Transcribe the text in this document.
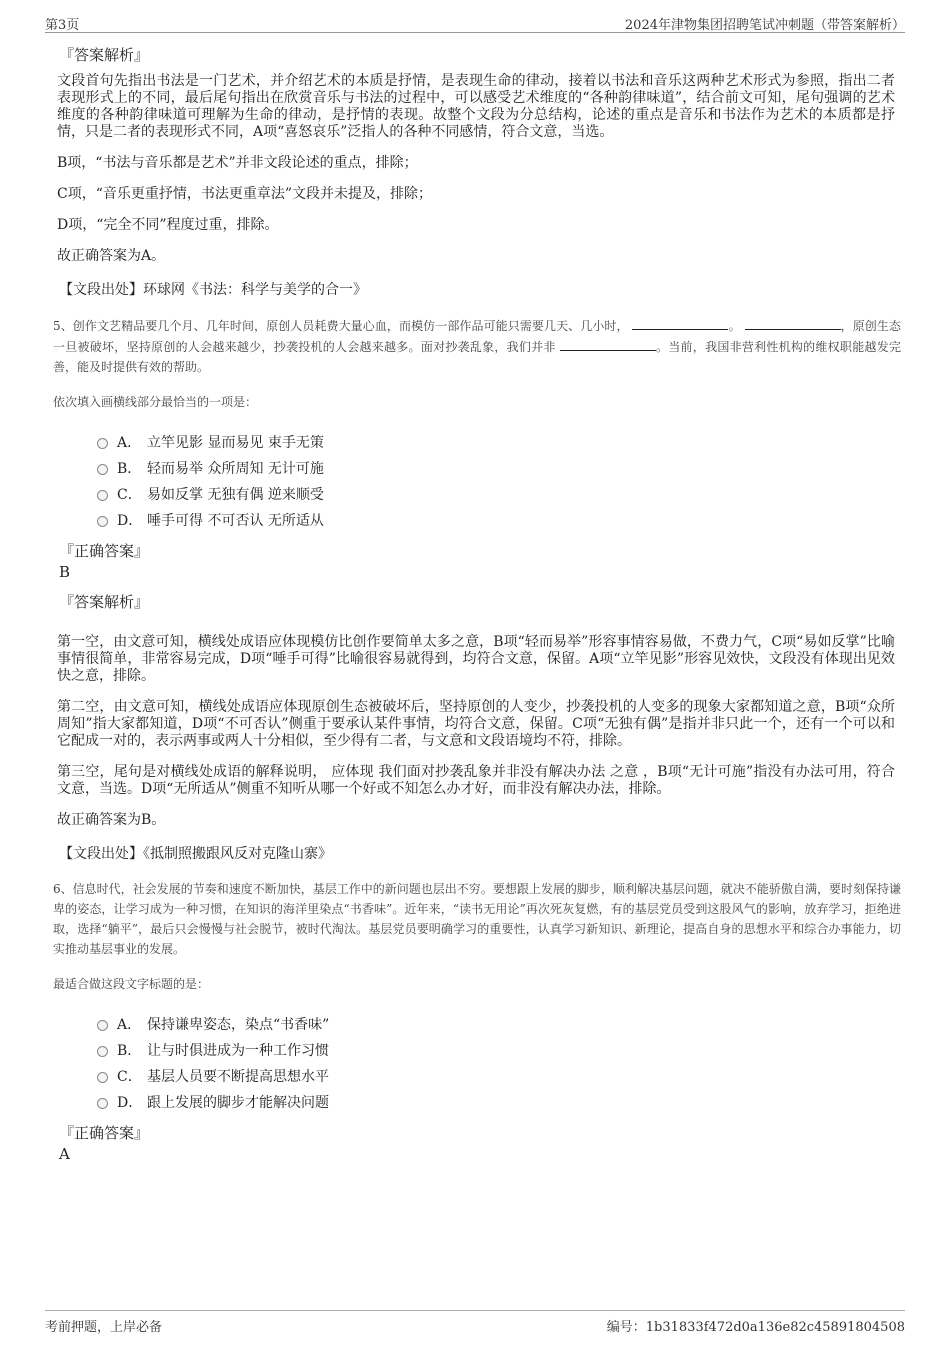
第3页	2024年津物集团招聘笔试冲刺题（带答案解析）
『答案解析』
文段首句先指出书法是一门艺术，并介绍艺术的本质是抒情，是表现生命的律动，接着以书法和音乐这两种艺术形式为参照，指出二者表现形式上的不同，最后尾句指出在欣赏音乐与书法的过程中，可以感受艺术维度的“各种韵律味道”，结合前文可知，尾句强调的艺术维度的各种韵律味道可理解为生命的律动，是抒情的表现。故整个文段为分总结构，论述的重点是音乐和书法作为艺术的本质都是抒情，只是二者的表现形式不同，A项“喜怒哀乐”泛指人的各种不同感情，符合文意，当选。
B项，“书法与音乐都是艺术”并非文段论述的重点，排除；
C项，“音乐更重抒情，书法更重章法”文段并未提及，排除；
D项，“完全不同”程度过重，排除。
故正确答案为A。
【文段出处】环球网《书法：科学与美学的合一》
5、创作文艺精品要几个月、几年时间，原创人员耗费大量心血，而模仿一部作品可能只需要几天、几小时，	。	，原创生态一旦被破坏，坚持原创的人会越来越少，抄袭投机的人会越来越多。面对抄袭乱象，我们并非	。当前，我国非营利性机构的维权职能越发完善，能及时提供有效的帮助。
依次填入画横线部分最恰当的一项是：
A． 立竿见影 显而易见 束手无策
B． 轻而易举 众所周知 无计可施
C． 易如反掌 无独有偶 逆来顺受
D． 唾手可得 不可否认 无所适从
『正确答案』
B
『答案解析』
第一空，由文意可知，横线处成语应体现模仿比创作要简单太多之意，B项“轻而易举”形容事情容易做，不费力气，C项“易如反掌”比喻事情很简单，非常容易完成，D项“唾手可得”比喻很容易就得到，均符合文意，保留。A项“立竿见影”形容见效快，文段没有体现出见效快之意，排除。
第二空，由文意可知，横线处成语应体现原创生态被破坏后，坚持原创的人变少，抄袭投机的人变多的现象大家都知道之意，B项“众所周知”指大家都知道，D项“不可否认”侧重于要承认某件事情，均符合文意，保留。C项“无独有偶”是指并非只此一个，还有一个可以和它配成一对的，表示两事或两人十分相似，至少得有二者，与文意和文段语境均不符，排除。
第三空，尾句是对横线处成语的解释说明， 应体现 我们面对抄袭乱象并非没有解决办法 之意 ，B项“无计可施”指没有办法可用，符合文意，当选。D项“无所适从”侧重不知听从哪一个好或不知怎么办才好，而非没有解决办法，排除。
故正确答案为B。
【文段出处】《抵制照搬跟风反对克隆山寨》
6、信息时代，社会发展的节奏和速度不断加快，基层工作中的新问题也层出不穷。要想跟上发展的脚步，顺利解决基层问题，就决不能骄傲自满，要时刻保持谦卑的姿态，让学习成为一种习惯，在知识的海洋里染点“书香味”。近年来，“读书无用论”再次死灰复燃，有的基层党员受到这股风气的影响，放弃学习，拒绝进取，选择“躺平”，最后只会慢慢与社会脱节，被时代淘汰。基层党员要明确学习的重要性，认真学习新知识、新理论，提高自身的思想水平和综合办事能力，切实推动基层事业的发展。
最适合做这段文字标题的是：
A． 保持谦卑姿态，染点“书香味”
B． 让与时俱进成为一种工作习惯
C． 基层人员要不断提高思想水平
D． 跟上发展的脚步才能解决问题
『正确答案』
A
考前押题，上岸必备	编号：1b31833f472d0a136e82c45891804508
